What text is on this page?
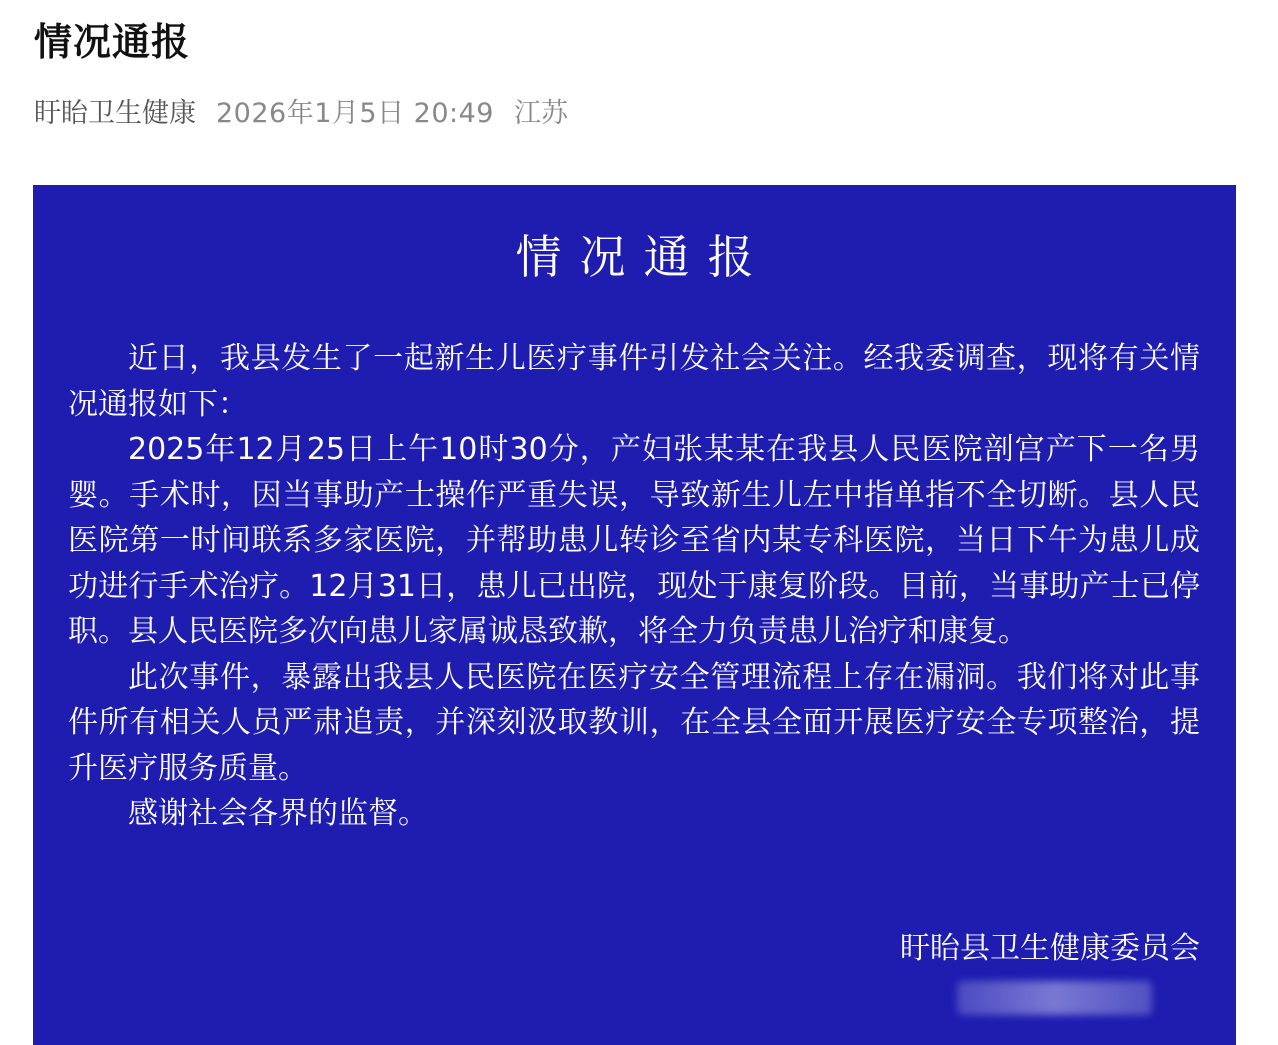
情况通报
盱眙卫生健康 2026年1月5日 20:49 江苏
情况通报

近日，我县发生了一起新生儿医疗事件引发社会关注。经我委调查，现将有关情况通报如下：

2025年12月25日上午10时30分，产妇张某某在我县人民医院剖宫产下一名男婴。手术时，因当事助产士操作严重失误，导致新生儿左中指单指不全切断。县人民医院第一时间联系多家医院，并帮助患儿转诊至省内某专科医院，当日下午为患儿成功进行手术治疗。12月31日，患儿已出院，现处于康复阶段。目前，当事助产士已停职。县人民医院多次向患儿家属诚恳致歉，将全力负责患儿治疗和康复。

此次事件，暴露出我县人民医院在医疗安全管理流程上存在漏洞。我们将对此事件所有相关人员严肃追责，并深刻汲取教训，在全县全面开展医疗安全专项整治，提升医疗服务质量。

感谢社会各界的监督。

盱眙县卫生健康委员会
